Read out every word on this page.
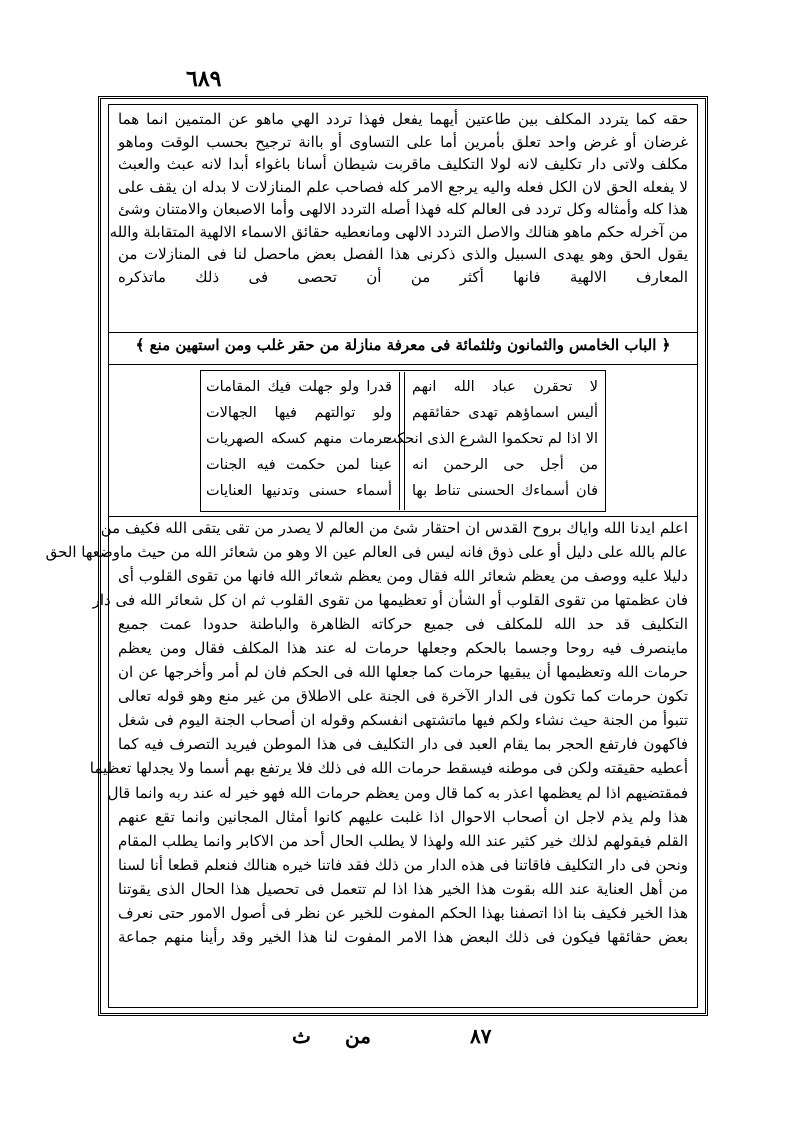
٦٨٩
حقه كما يتردد المكلف بين طاعتين أيهما يفعل فهذا تردد الهي ماهو عن المتمين انما هما
غرضان أو غرض واحد تعلق بأمرين أما على التساوى أو باانة ترجيح بحسب الوقت وماهو
مكلف ولاتى دار تكليف لانه لولا التكليف ماقربت شيطان أسانا باغواء أبدا لانه عبث والعبث
لا يفعله الحق لان الكل فعله واليه يرجع الامر كله فصاحب علم المنازلات لا بدله ان يقف على
هذا كله وأمثاله وكل تردد فى العالم كله فهذا أصله التردد الالهى وأما الاصبعان والامتنان وشئ
من آخرله حكم ماهو هنالك والاصل التردد الالهى ومانعطيه حقائق الاسماء الالهية المتقابلة والله
يقول الحق وهو يهدى السبيل والذى ذكرنى هذا الفصل بعض ماحصل لنا فى المنازلات من
المعارف الالهية فانها أكثر من أن تحصى فى ذلك ماتذكره
﴿ الباب الخامس والثمانون وثلثمائة فى معرفة منازلة من حقر غلب ومن استهين منع ﴾
لا تحقرن عباد الله انهم
أليس اسماؤهم تهدى حقائقهم
الا اذا لم تحكموا الشرع الذى انحكت
من أجل حى الرحمن انه
فان أسماءك الحسنى تناط بها
قدرا ولو جهلت فيك المقامات
ولو توالتهم فيها الجهالات
حرمات منهم كسكه الصهريات
عينا لمن حكمت فيه الجنات
أسماء حسنى وتدنيها العنايات
اعلم ايدنا الله واياك بروح القدس ان احتقار شئ من العالم لا يصدر من تقى يتقى الله فكيف من
عالم بالله على دليل أو على ذوق فانه ليس فى العالم عين الا وهو من شعائر الله من حيث ماوضعها الحق
دليلا عليه ووصف من يعظم شعائر الله فقال ومن يعظم شعائر الله فانها من تقوى القلوب أى
فان عظمتها من تقوى القلوب أو الشأن أو تعظيمها من تقوى القلوب ثم ان كل شعائر الله فى دار
التكليف قد حد الله للمكلف فى جميع حركاته الظاهرة والباطنة حدودا عمت جميع
ماينصرف فيه روحا وجسما بالحكم وجعلها حرمات له عند هذا المكلف فقال ومن يعظم
حرمات الله وتعظيمها أن يبقيها حرمات كما جعلها الله فى الحكم فان لم أمر وأخرجها عن ان
تكون حرمات كما تكون فى الدار الآخرة فى الجنة على الاطلاق من غير منع وهو قوله تعالى
تتبوأ من الجنة حيث نشاء ولكم فيها ماتشتهى انفسكم وقوله ان أصحاب الجنة اليوم فى شغل
فاكهون فارتفع الحجر بما يقام العبد فى دار التكليف فى هذا الموطن فيريد التصرف فيه كما
أعطيه حقيقته ولكن فى موطنه فيسقط حرمات الله فى ذلك فلا يرتفع بهم أسما ولا يجدلها تعظيما
فمقتضيهم اذا لم يعظمها اعذر به كما قال ومن يعظم حرمات الله فهو خير له عند ربه وانما قال
هذا ولم يذم لاجل ان أصحاب الاحوال اذا غلبت عليهم كانوا أمثال المجانين وانما تقع عنهم
القلم فيقولهم لذلك خير كثير عند الله ولهذا لا يطلب الحال أحد من الاكابر وانما يطلب المقام
ونحن فى دار التكليف فاقاتنا فى هذه الدار من ذلك فقد فاتنا خيره هنالك فنعلم قطعا أنا لسنا
من أهل العناية عند الله بقوت هذا الخير هذا اذا لم تتعمل فى تحصيل هذا الحال الذى يقوتنا
هذا الخير فكيف بنا اذا اتصفنا بهذا الحكم المفوت للخير عن نظر فى أصول الامور حتى نعرف
بعض حقائقها فيكون فى ذلك البعض هذا الامر المفوت لنا هذا الخير وقد رأينا منهم جماعة
٨٧
من
ث
